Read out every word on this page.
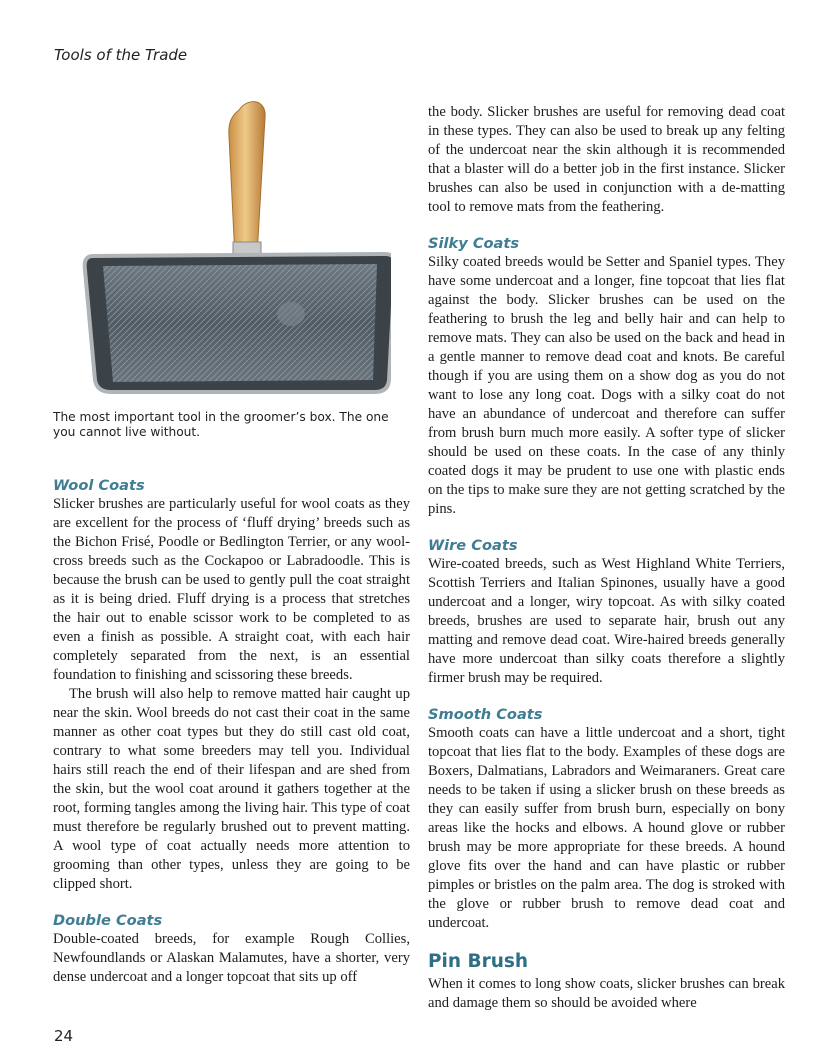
Tools of the Trade
The most important tool in the groomer’s box. The one you cannot live without.
Wool Coats

Slicker brushes are particularly useful for wool coats as they are excellent for the process of ‘fluff drying’ breeds such as the Bichon Frisé, Poodle or Bedlington Terrier, or any wool-cross breeds such as the Cockapoo or Labradoodle. This is because the brush can be used to gently pull the coat straight as it is being dried. Fluff drying is a process that stretches the hair out to enable scissor work to be completed to as even a finish as possible. A straight coat, with each hair completely separated from the next, is an essential foundation to finishing and scissoring these breeds.

The brush will also help to remove matted hair caught up near the skin. Wool breeds do not cast their coat in the same manner as other coat types but they do still cast old coat, contrary to what some breeders may tell you. Individual hairs still reach the end of their lifespan and are shed from the skin, but the wool coat around it gathers together at the root, forming tangles among the living hair. This type of coat must therefore be regularly brushed out to prevent matting. A wool type of coat actually needs more attention to grooming than other types, unless they are going to be clipped short.

Double Coats

Double-coated breeds, for example Rough Collies, Newfoundlands or Alaskan Malamutes, have a shorter, very dense undercoat and a longer topcoat that sits up off

the body. Slicker brushes are useful for removing dead coat in these types. They can also be used to break up any felting of the undercoat near the skin although it is recommended that a blaster will do a better job in the first instance. Slicker brushes can also be used in conjunction with a de-matting tool to remove mats from the feathering.

Silky Coats

Silky coated breeds would be Setter and Spaniel types. They have some undercoat and a longer, fine topcoat that lies flat against the body. Slicker brushes can be used on the feathering to brush the leg and belly hair and can help to remove mats. They can also be used on the back and head in a gentle manner to remove dead coat and knots. Be careful though if you are using them on a show dog as you do not want to lose any long coat. Dogs with a silky coat do not have an abundance of undercoat and therefore can suffer from brush burn much more easily. A softer type of slicker should be used on these coats. In the case of any thinly coated dogs it may be prudent to use one with plastic ends on the tips to make sure they are not getting scratched by the pins.

Wire Coats

Wire-coated breeds, such as West Highland White Terriers, Scottish Terriers and Italian Spinones, usually have a good undercoat and a longer, wiry topcoat. As with silky coated breeds, brushes are used to separate hair, brush out any matting and remove dead coat. Wire-haired breeds generally have more undercoat than silky coats therefore a slightly firmer brush may be required.

Smooth Coats

Smooth coats can have a little undercoat and a short, tight topcoat that lies flat to the body. Examples of these dogs are Boxers, Dalmatians, Labradors and Weimaraners. Great care needs to be taken if using a slicker brush on these breeds as they can easily suffer from brush burn, especially on bony areas like the hocks and elbows. A hound glove or rubber brush may be more appropriate for these breeds. A hound glove fits over the hand and can have plastic or rubber pimples or bristles on the palm area. The dog is stroked with the glove or rubber brush to remove dead coat and undercoat.

Pin Brush

When it comes to long show coats, slicker brushes can break and damage them so should be avoided where

24
